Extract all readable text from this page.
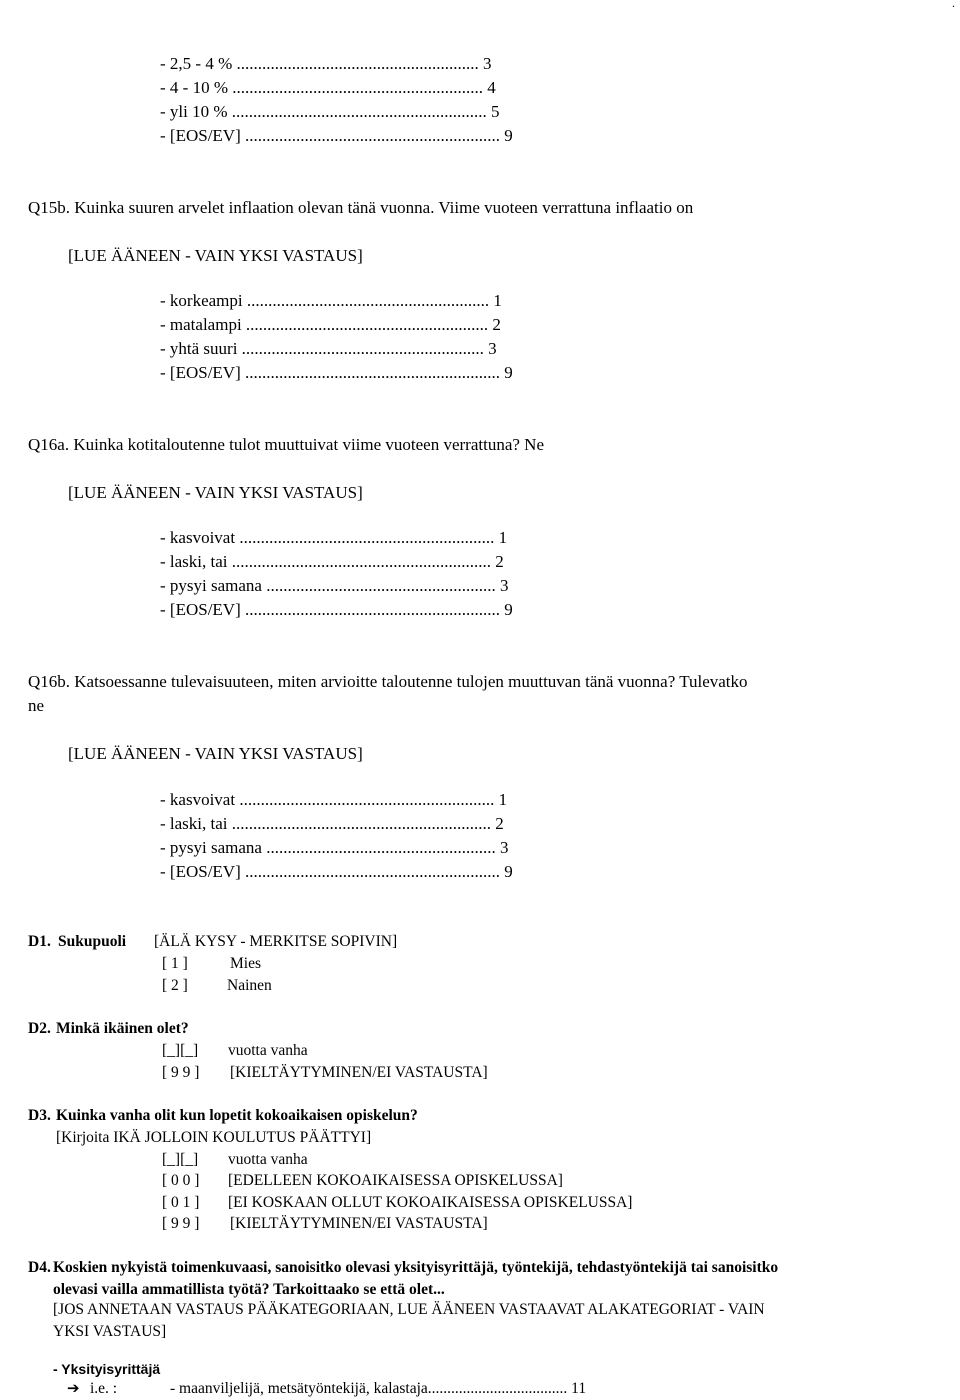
.
- 2,5 - 4 % ......................................................... 3
- 4 - 10 % ........................................................... 4
- yli 10 % ............................................................ 5
- [EOS/EV] ............................................................ 9
Q15b. Kuinka suuren arvelet inflaation olevan tänä vuonna. Viime vuoteen verrattuna inflaatio on
[LUE ÄÄNEEN - VAIN YKSI VASTAUS]
- korkeampi ......................................................... 1
- matalampi ......................................................... 2
- yhtä suuri ......................................................... 3
- [EOS/EV] ............................................................ 9
Q16a. Kuinka kotitaloutenne tulot muuttuivat viime vuoteen verrattuna? Ne
[LUE ÄÄNEEN - VAIN YKSI VASTAUS]
- kasvoivat ............................................................ 1
- laski, tai ............................................................. 2
- pysyi samana ...................................................... 3
- [EOS/EV] ............................................................ 9
Q16b. Katsoessanne tulevaisuuteen, miten arvioitte taloutenne tulojen muuttuvan tänä vuonna? Tulevatko
ne
[LUE ÄÄNEEN - VAIN YKSI VASTAUS]
- kasvoivat ............................................................ 1
- laski, tai ............................................................. 2
- pysyi samana ...................................................... 3
- [EOS/EV] ............................................................ 9
D1. Sukupuoli [ÄLÄ KYSY - MERKITSE SOPIVIN]
[ 1 ]	Mies
[ 2 ]	Nainen
D2. Minkä ikäinen olet?
[_][_] vuotta vanha
[ 9 9 ] [KIELTÄYTYMINEN/EI VASTAUSTA]
D3. Kuinka vanha olit kun lopetit kokoaikaisen opiskelun?
[Kirjoita IKÄ JOLLOIN KOULUTUS PÄÄTTYI]
[_][_] vuotta vanha
[ 0 0 ] [EDELLEEN KOKOAIKAISESSA OPISKELUSSA]
[ 0 1 ] [EI KOSKAAN OLLUT KOKOAIKAISESSA OPISKELUSSA]
[ 9 9 ] [KIELTÄYTYMINEN/EI VASTAUSTA]
D4. Koskien nykyistä toimenkuvaasi, sanoisitko olevasi yksityisyrittäjä, työntekijä, tehdastyöntekijä tai sanoisitko
olevasi vailla ammatillista työtä? Tarkoittaako se että olet...
[JOS ANNETAAN VASTAUS PÄÄKATEGORIAAN, LUE ÄÄNEEN VASTAAVAT ALAKATEGORIAT - VAIN
YKSI VASTAUS]
- Yksityisyrittäjä
➔ i.e. :	- maanviljelijä, metsätyöntekijä, kalastaja.................................... 11
